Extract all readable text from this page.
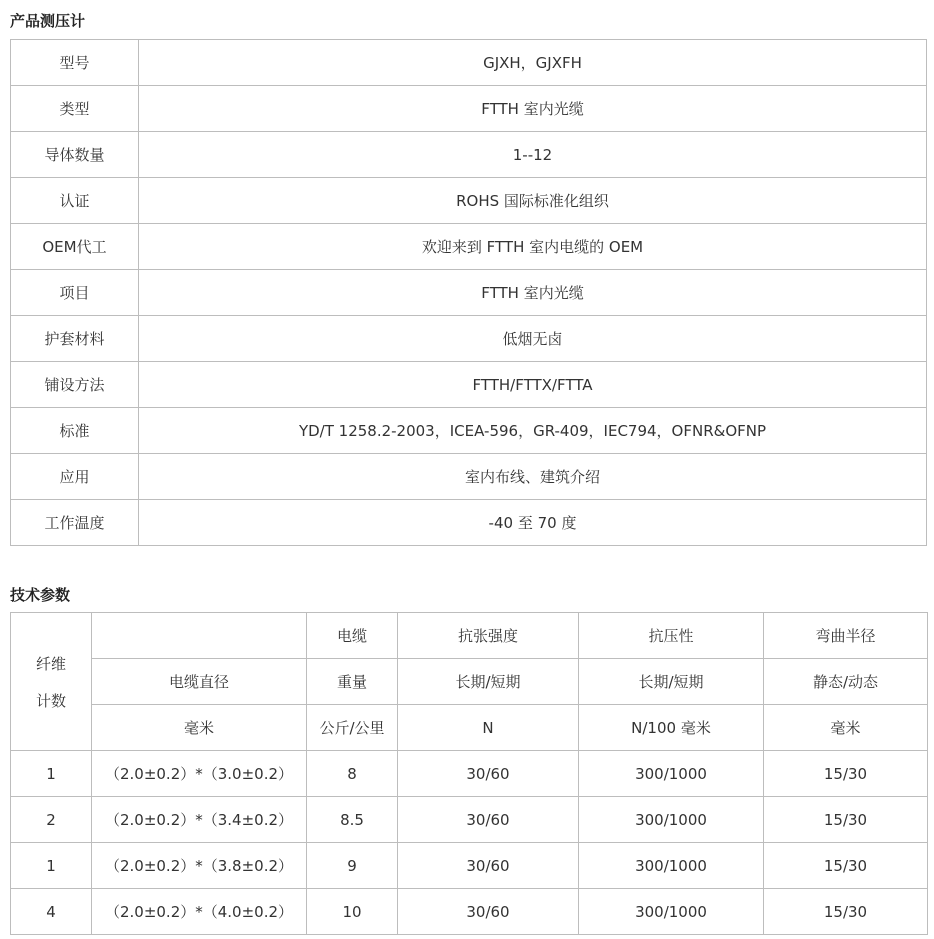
产品测压计
型号	GJXH，GJXFH
类型	FTTH 室内光缆
导体数量	1--12
认证	ROHS 国际标准化组织
OEM代工	欢迎来到 FTTH 室内电缆的 OEM
项目	FTTH 室内光缆
护套材料	低烟无卤
铺设方法	FTTH/FTTX/FTTA
标准	YD/T 1258.2-2003，ICEA-596，GR-409，IEC794，OFNR&OFNP
应用	室内布线、建筑介绍
工作温度	-40 至 70 度
技术参数
纤维
计数		电缆	抗张强度	抗压性	弯曲半径
	电缆直径	重量	长期/短期	长期/短期	静态/动态
	毫米	公斤/公里	N	N/100 毫米	毫米
1	（2.0±0.2）*（3.0±0.2）	8	30/60	300/1000	15/30
2	（2.0±0.2）*（3.4±0.2）	8.5	30/60	300/1000	15/30
1	（2.0±0.2）*（3.8±0.2）	9	30/60	300/1000	15/30
4	（2.0±0.2）*（4.0±0.2）	10	30/60	300/1000	15/30
